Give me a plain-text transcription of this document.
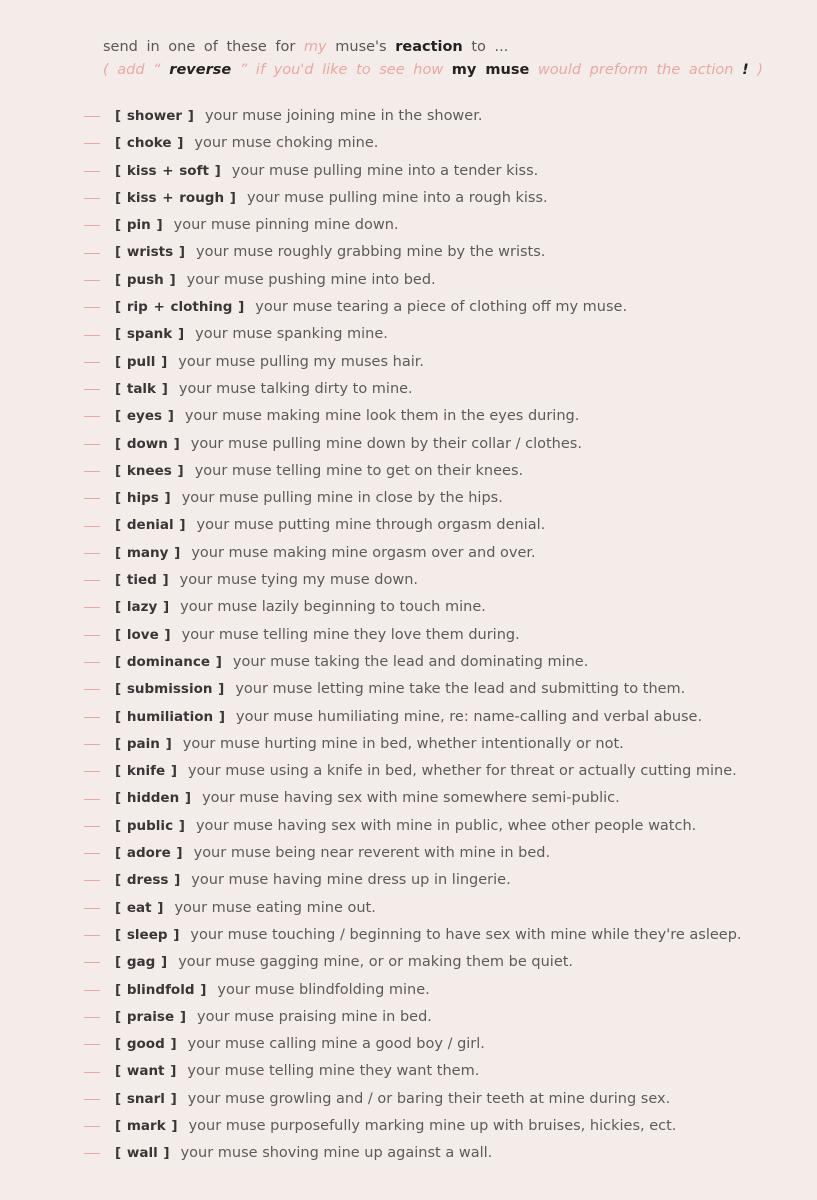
send in one of these for my muse's reaction to ...
( add “ reverse ” if you'd like to see how my muse would preform the action ! )
[ shower ] your muse joining mine in the shower.
[ choke ] your muse choking mine.
[ kiss + soft ] your muse pulling mine into a tender kiss.
[ kiss + rough ] your muse pulling mine into a rough kiss.
[ pin ] your muse pinning mine down.
[ wrists ] your muse roughly grabbing mine by the wrists.
[ push ] your muse pushing mine into bed.
[ rip + clothing ] your muse tearing a piece of clothing off my muse.
[ spank ] your muse spanking mine.
[ pull ] your muse pulling my muses hair.
[ talk ] your muse talking dirty to mine.
[ eyes ] your muse making mine look them in the eyes during.
[ down ] your muse pulling mine down by their collar / clothes.
[ knees ] your muse telling mine to get on their knees.
[ hips ] your muse pulling mine in close by the hips.
[ denial ] your muse putting mine through orgasm denial.
[ many ] your muse making mine orgasm over and over.
[ tied ] your muse tying my muse down.
[ lazy ] your muse lazily beginning to touch mine.
[ love ] your muse telling mine they love them during.
[ dominance ] your muse taking the lead and dominating mine.
[ submission ] your muse letting mine take the lead and submitting to them.
[ humiliation ] your muse humiliating mine, re: name-calling and verbal abuse.
[ pain ] your muse hurting mine in bed, whether intentionally or not.
[ knife ] your muse using a knife in bed, whether for threat or actually cutting mine.
[ hidden ] your muse having sex with mine somewhere semi-public.
[ public ] your muse having sex with mine in public, whee other people watch.
[ adore ] your muse being near reverent with mine in bed.
[ dress ] your muse having mine dress up in lingerie.
[ eat ] your muse eating mine out.
[ sleep ] your muse touching / beginning to have sex with mine while they're asleep.
[ gag ] your muse gagging mine, or or making them be quiet.
[ blindfold ] your muse blindfolding mine.
[ praise ] your muse praising mine in bed.
[ good ] your muse calling mine a good boy / girl.
[ want ] your muse telling mine they want them.
[ snarl ] your muse growling and / or baring their teeth at mine during sex.
[ mark ] your muse purposefully marking mine up with bruises, hickies, ect.
[ wall ] your muse shoving mine up against a wall.
